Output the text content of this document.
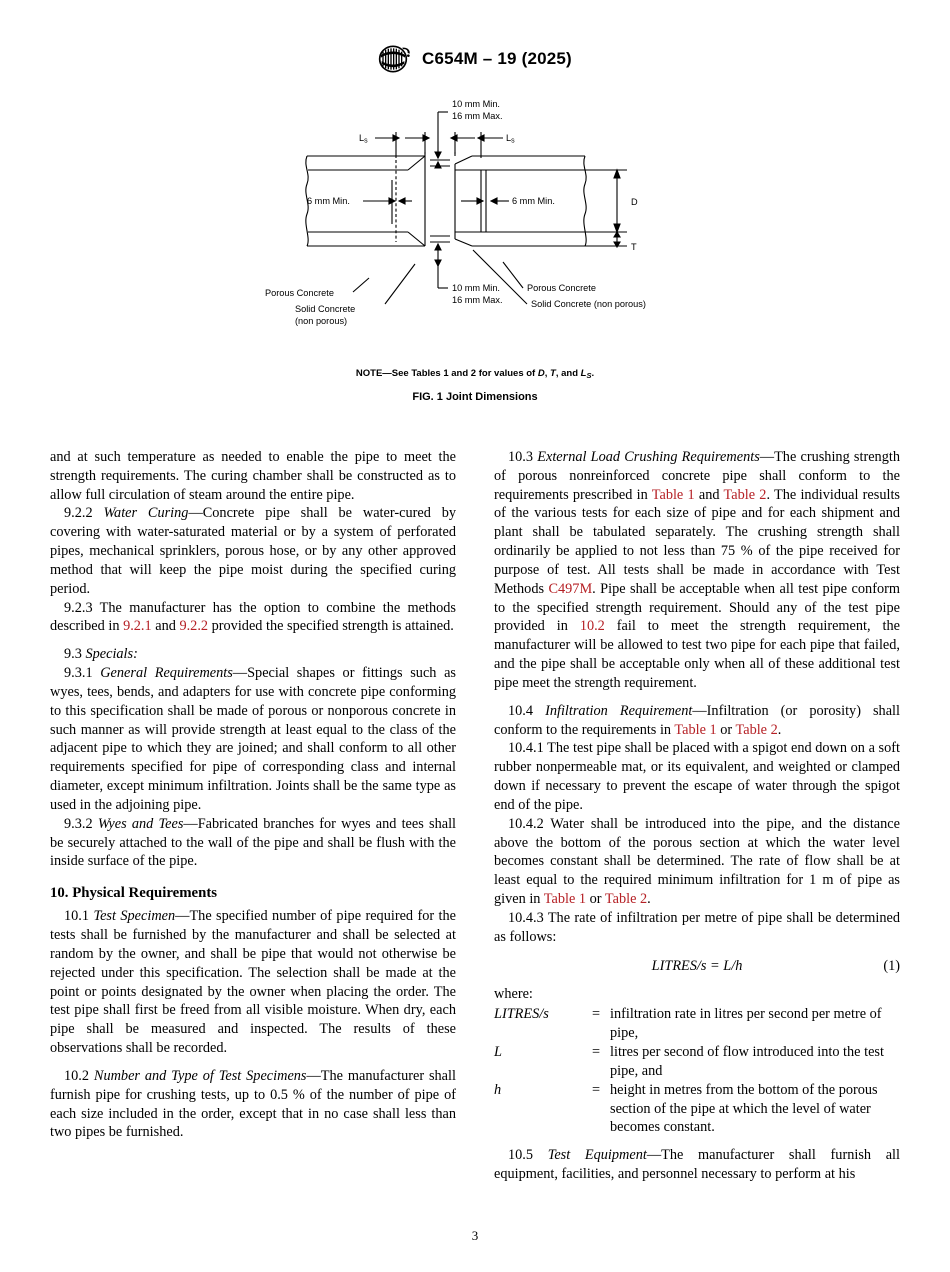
C654M – 19 (2025)
10 mm Min.
16 mm Max.
10 mm Min.
16 mm Max.
Ls	Ls
6 mm Min.	6 mm Min.	D
T
Porous Concrete
Solid Concrete
(non porous)
Porous Concrete
Solid Concrete (non porous)
NOTE—See Tables 1 and 2 for values of D, T, and $L_S$.
FIG. 1 Joint Dimensions

and at such temperature as needed to enable the pipe to meet the strength requirements. The curing chamber shall be constructed as to allow full circulation of steam around the entire pipe.

9.2.2 Water Curing—Concrete pipe shall be water-cured by covering with water-saturated material or by a system of perforated pipes, mechanical sprinklers, porous hose, or by any other approved method that will keep the pipe moist during the specified curing period.

9.2.3 The manufacturer has the option to combine the methods described in 9.2.1 and 9.2.2 provided the specified strength is attained.

9.3 Specials:

9.3.1 General Requirements—Special shapes or fittings such as wyes, tees, bends, and adapters for use with concrete pipe conforming to this specification shall be made of porous or nonporous concrete in such manner as will provide strength at least equal to the class of the adjacent pipe to which they are joined; and shall conform to all other requirements specified for pipe of corresponding class and internal diameter, except minimum infiltration. Joints shall be the same type as used in the adjoining pipe.

9.3.2 Wyes and Tees—Fabricated branches for wyes and tees shall be securely attached to the wall of the pipe and shall be flush with the inside surface of the pipe.

10. Physical Requirements

10.1 Test Specimen—The specified number of pipe required for the tests shall be furnished by the manufacturer and shall be selected at random by the owner, and shall be pipe that would not otherwise be rejected under this specification. The selection shall be made at the point or points designated by the owner when placing the order. The test pipe shall first be freed from all visible moisture. When dry, each pipe shall be measured and inspected. The results of these observations shall be recorded.

10.2 Number and Type of Test Specimens—The manufacturer shall furnish pipe for crushing tests, up to 0.5 % of the number of pipe of each size included in the order, except that in no case shall less than two pipes be furnished.

10.3 External Load Crushing Requirements—The crushing strength of porous nonreinforced concrete pipe shall conform to the requirements prescribed in Table 1 and Table 2. The individual results of the various tests for each size of pipe and for each shipment and plant shall be tabulated separately. The crushing strength shall ordinarily be applied to not less than 75 % of the pipe received for purpose of test. All tests shall be made in accordance with Test Methods C497M. Pipe shall be acceptable when all test pipe conform to the specified strength requirement. Should any of the test pipe provided in 10.2 fail to meet the strength requirement, the manufacturer will be allowed to test two pipe for each pipe that failed, and the pipe shall be acceptable only when all of these additional test pipe meet the strength requirement.

10.4 Infiltration Requirement—Infiltration (or porosity) shall conform to the requirements in Table 1 or Table 2.

10.4.1 The test pipe shall be placed with a spigot end down on a soft rubber nonpermeable mat, or its equivalent, and weighted or clamped down if necessary to prevent the escape of water through the spigot end of the pipe.

10.4.2 Water shall be introduced into the pipe, and the distance above the bottom of the porous section at which the water level becomes constant shall be determined. The rate of flow shall be at least equal to the required minimum infiltration for 1 m of pipe as given in Table 1 or Table 2.

10.4.3 The rate of infiltration per metre of pipe shall be determined as follows:

LITRES/s = L/h	(1)

where:

LITRES/s	=	infiltration rate in litres per second per metre of pipe,
L	=	litres per second of flow introduced into the test pipe, and
h	=	height in metres from the bottom of the porous section of the pipe at which the level of water becomes constant.

10.5 Test Equipment—The manufacturer shall furnish all equipment, facilities, and personnel necessary to perform at his

3
